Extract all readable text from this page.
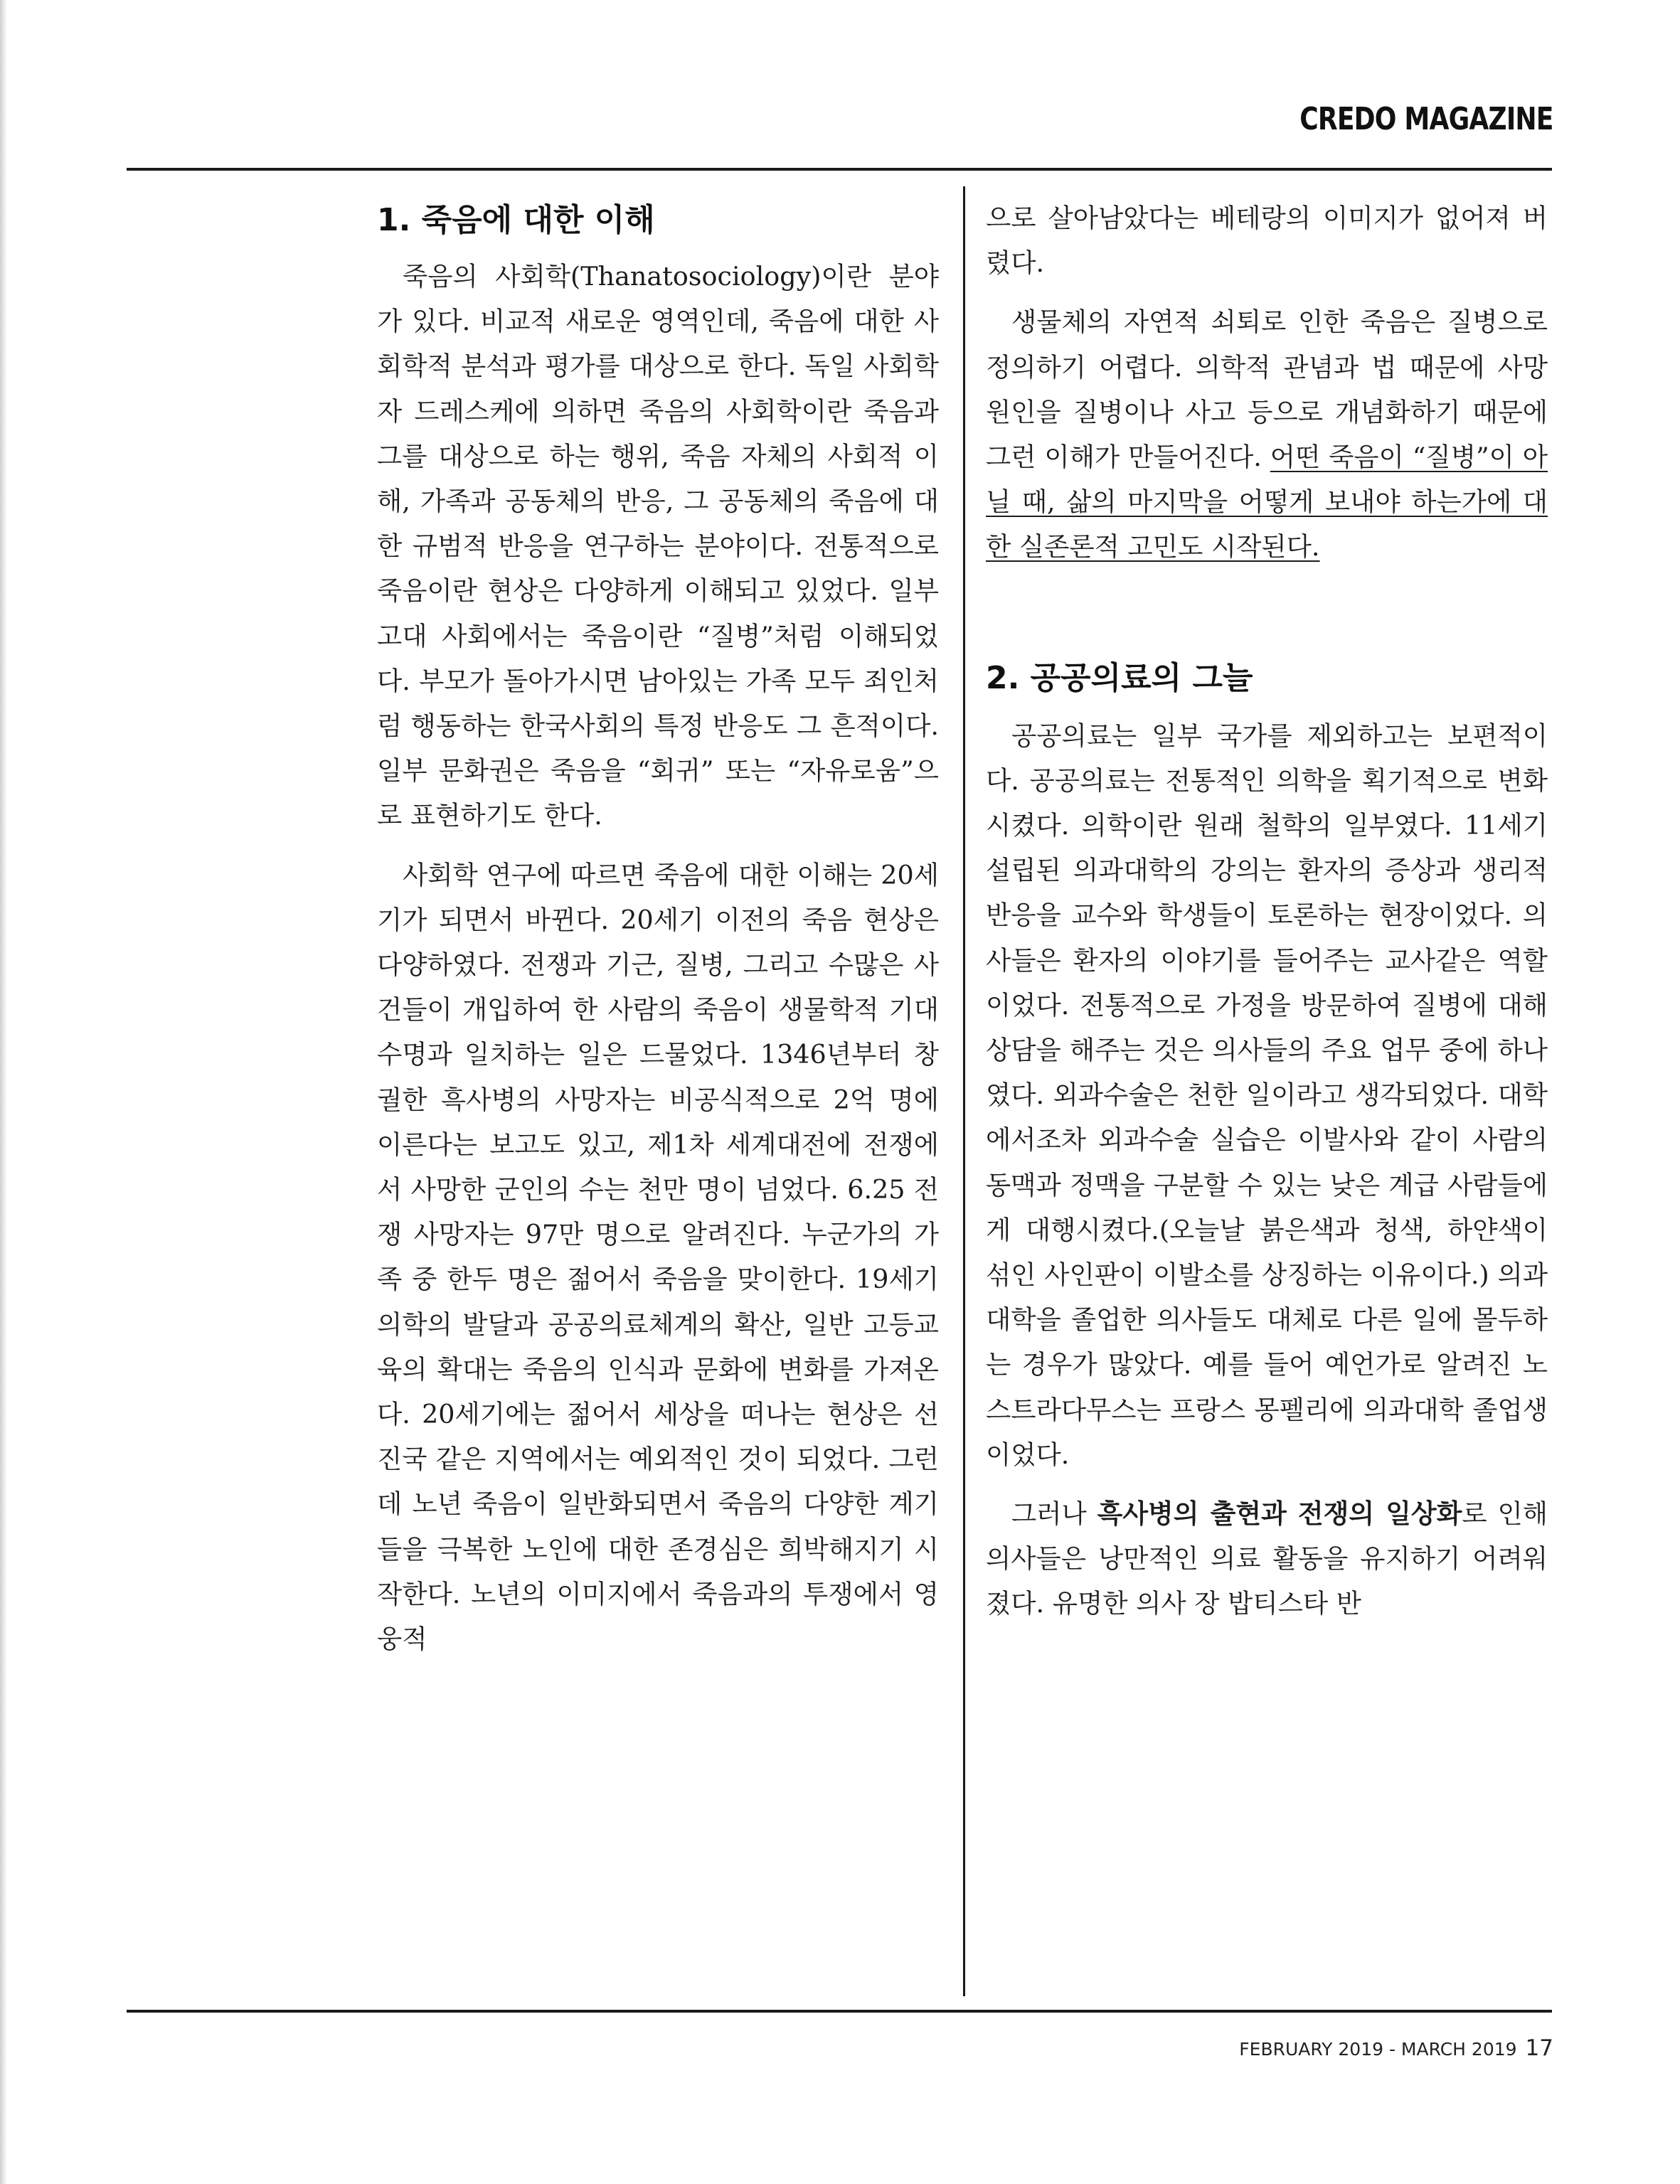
CREDO MAGAZINE
1. 죽음에 대한 이해

죽음의 사회학(Thanatosociology)이란 분야가 있다. 비교적 새로운 영역인데, 죽음에 대한 사회학적 분석과 평가를 대상으로 한다. 독일 사회학자 드레스케에 의하면 죽음의 사회학이란 죽음과 그를 대상으로 하는 행위, 죽음 자체의 사회적 이해, 가족과 공동체의 반응, 그 공동체의 죽음에 대한 규범적 반응을 연구하는 분야이다. 전통적으로 죽음이란 현상은 다양하게 이해되고 있었다. 일부 고대 사회에서는 죽음이란 “질병”처럼 이해되었다. 부모가 돌아가시면 남아있는 가족 모두 죄인처럼 행동하는 한국사회의 특정 반응도 그 흔적이다. 일부 문화권은 죽음을 “회귀” 또는 “자유로움”으로 표현하기도 한다.

사회학 연구에 따르면 죽음에 대한 이해는 20세기가 되면서 바뀐다. 20세기 이전의 죽음 현상은 다양하였다. 전쟁과 기근, 질병, 그리고 수많은 사건들이 개입하여 한 사람의 죽음이 생물학적 기대수명과 일치하는 일은 드물었다. 1346년부터 창궐한 흑사병의 사망자는 비공식적으로 2억 명에 이른다는 보고도 있고, 제1차 세계대전에 전쟁에서 사망한 군인의 수는 천만 명이 넘었다. 6.25 전쟁 사망자는 97만 명으로 알려진다. 누군가의 가족 중 한두 명은 젊어서 죽음을 맞이한다. 19세기 의학의 발달과 공공의료체계의 확산, 일반 고등교육의 확대는 죽음의 인식과 문화에 변화를 가져온다. 20세기에는 젊어서 세상을 떠나는 현상은 선진국 같은 지역에서는 예외적인 것이 되었다. 그런데 노년 죽음이 일반화되면서 죽음의 다양한 계기들을 극복한 노인에 대한 존경심은 희박해지기 시작한다. 노년의 이미지에서 죽음과의 투쟁에서 영웅적

으로 살아남았다는 베테랑의 이미지가 없어져 버렸다.

생물체의 자연적 쇠퇴로 인한 죽음은 질병으로 정의하기 어렵다. 의학적 관념과 법 때문에 사망 원인을 질병이나 사고 등으로 개념화하기 때문에 그런 이해가 만들어진다. 어떤 죽음이 “질병”이 아닐 때, 삶의 마지막을 어떻게 보내야 하는가에 대한 실존론적 고민도 시작된다.

2. 공공의료의 그늘

공공의료는 일부 국가를 제외하고는 보편적이다. 공공의료는 전통적인 의학을 획기적으로 변화시켰다. 의학이란 원래 철학의 일부였다. 11세기 설립된 의과대학의 강의는 환자의 증상과 생리적 반응을 교수와 학생들이 토론하는 현장이었다. 의사들은 환자의 이야기를 들어주는 교사같은 역할이었다. 전통적으로 가정을 방문하여 질병에 대해 상담을 해주는 것은 의사들의 주요 업무 중에 하나였다. 외과수술은 천한 일이라고 생각되었다. 대학에서조차 외과수술 실습은 이발사와 같이 사람의 동맥과 정맥을 구분할 수 있는 낮은 계급 사람들에게 대행시켰다.(오늘날 붉은색과 청색, 하얀색이 섞인 사인판이 이발소를 상징하는 이유이다.) 의과대학을 졸업한 의사들도 대체로 다른 일에 몰두하는 경우가 많았다. 예를 들어 예언가로 알려진 노스트라다무스는 프랑스 몽펠리에 의과대학 졸업생이었다.

그러나 흑사병의 출현과 전쟁의 일상화로 인해 의사들은 낭만적인 의료 활동을 유지하기 어려워졌다. 유명한 의사 장 밥티스타 반

FEBRUARY 2019 - MARCH 2019 17
